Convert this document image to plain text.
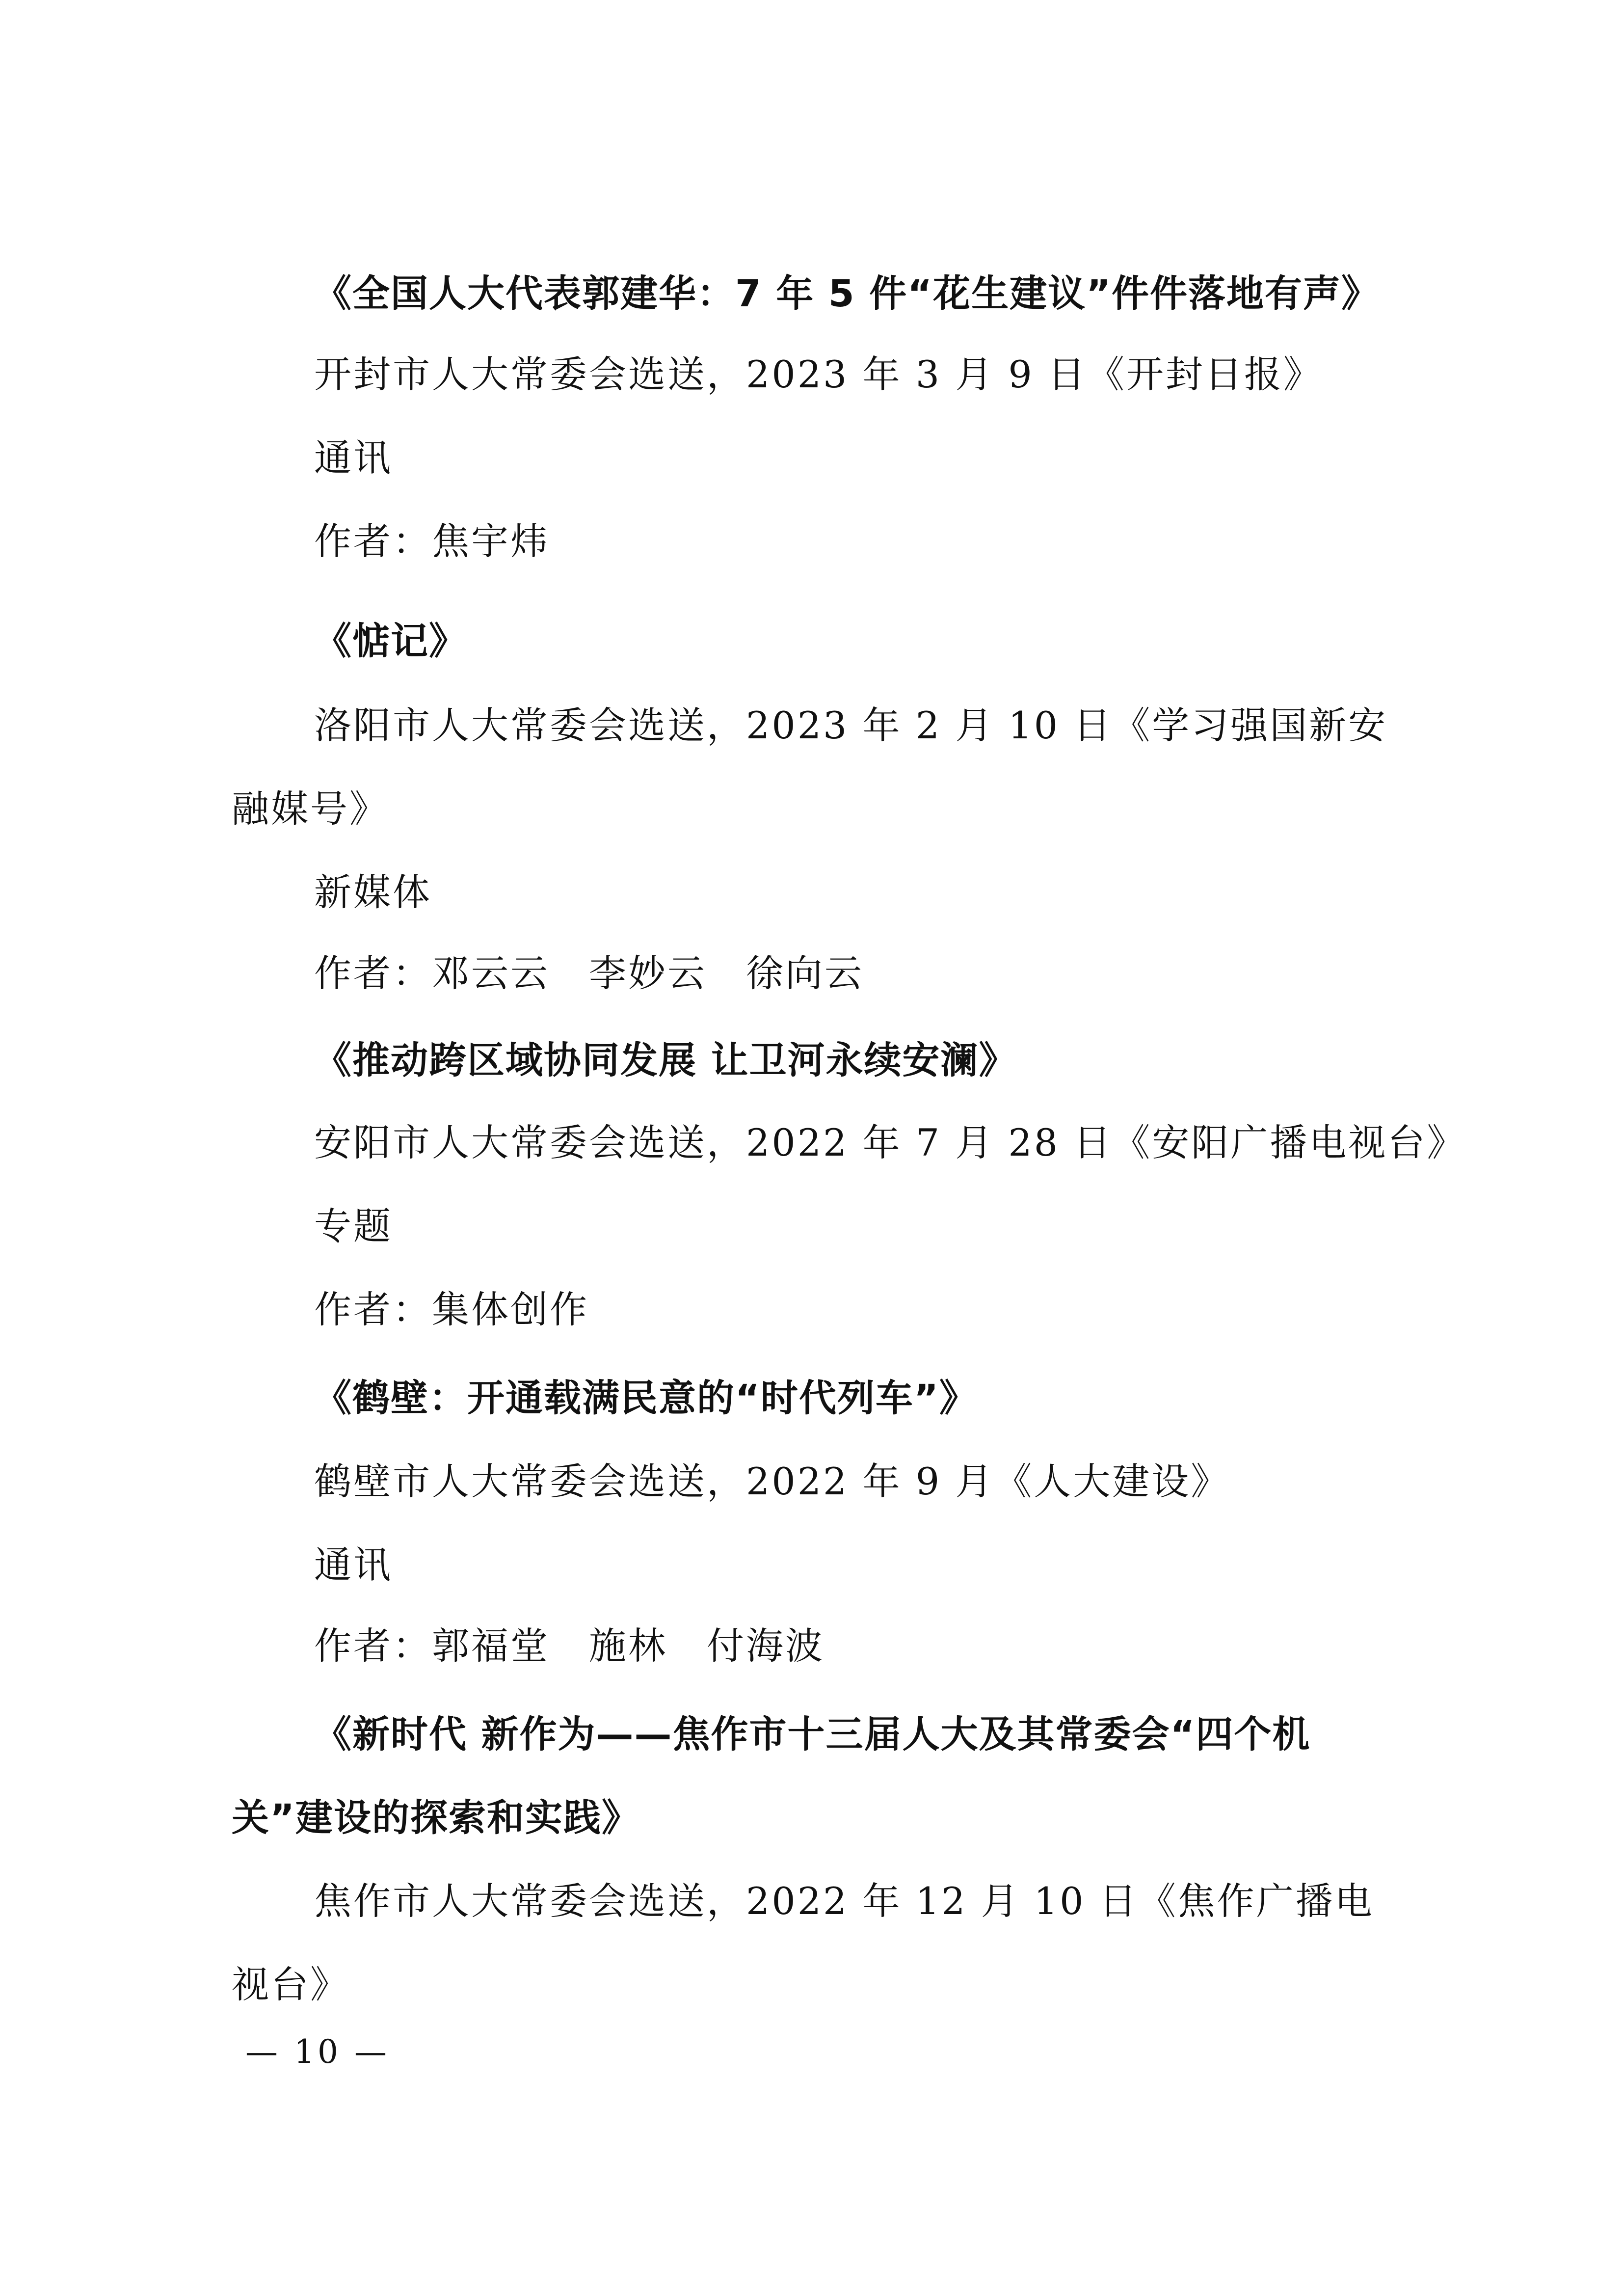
《全国人大代表郭建华：7 年 5 件“花生建议”件件落地有声》
开封市人大常委会选送，2023 年 3 月 9 日《开封日报》
通讯
作者：焦宇炜
《惦记》
洛阳市人大常委会选送，2023 年 2 月 10 日《学习强国新安
融媒号》
新媒体
作者：邓云云　李妙云　徐向云
《推动跨区域协同发展 让卫河永续安澜》
安阳市人大常委会选送，2022 年 7 月 28 日《安阳广播电视台》
专题
作者：集体创作
《鹤壁：开通载满民意的“时代列车”》
鹤壁市人大常委会选送，2022 年 9 月《人大建设》
通讯
作者：郭福堂　施林　付海波
《新时代 新作为——焦作市十三届人大及其常委会“四个机
关”建设的探索和实践》
焦作市人大常委会选送，2022 年 12 月 10 日《焦作广播电
视台》
— 10 —
